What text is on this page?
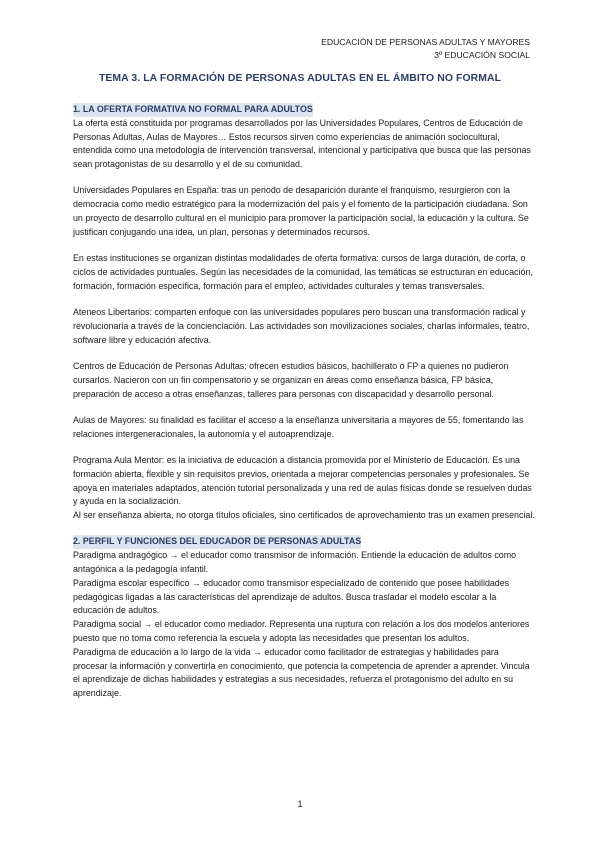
EDUCACIÓN DE PERSONAS ADULTAS Y MAYORES
3º EDUCACIÓN SOCIAL
TEMA 3. LA FORMACIÓN DE PERSONAS ADULTAS EN EL ÁMBITO NO FORMAL
1. LA OFERTA FORMATIVA NO FORMAL PARA ADULTOS

La oferta está constituida por programas desarrollados por las Universidades Populares, Centros de Educación de Personas Adultas, Aulas de Mayores… Estos recursos sirven como experiencias de animación sociocultural, entendida como una metodología de intervención transversal, intencional y participativa que busca que las personas sean protagonistas de su desarrollo y el de su comunidad.

Universidades Populares en España: tras un periodo de desaparición durante el franquismo, resurgieron con la democracia como medio estratégico para la modernización del país y el fomento de la participación ciudadana. Son un proyecto de desarrollo cultural en el municipio para promover la participación social, la educación y la cultura. Se justifican conjugando una idea, un plan, personas y determinados recursos.

En estas instituciones se organizan distintas modalidades de oferta formativa: cursos de larga duración, de corta, o ciclos de actividades puntuales. Según las necesidades de la comunidad, las temáticas se estructuran en educación, formación, formación específica, formación para el empleo, actividades culturales y temas transversales.

Ateneos Libertarios: comparten enfoque con las universidades populares pero buscan una transformación radical y revolucionaria a través de la concienciación. Las actividades son movilizaciones sociales, charlas informales, teatro, software libre y educación afectiva.

Centros de Educación de Personas Adultas: ofrecen estudios básicos, bachillerato o FP a quienes no pudieron cursarlos. Nacieron con un fin compensatorio y se organizan en áreas como enseñanza básica, FP básica, preparación de acceso a otras enseñanzas, talleres para personas con discapacidad y desarrollo personal.

Aulas de Mayores: su finalidad es facilitar el acceso a la enseñanza universitaria a mayores de 55, fomentando las relaciones intergeneracionales, la autonomía y el autoaprendizaje.

Programa Aula Mentor: es la iniciativa de educación a distancia promovida por el Ministerio de Educación. Es una formación abierta, flexible y sin requisitos previos, orientada a mejorar competencias personales y profesionales. Se apoya en materiales adaptados, atención tutorial personalizada y una red de aulas físicas donde se resuelven dudas y ayuda en la socialización.

Al ser enseñanza abierta, no otorga títulos oficiales, sino certificados de aprovechamiento tras un examen presencial.

2. PERFIL Y FUNCIONES DEL EDUCADOR DE PERSONAS ADULTAS

Paradigma andragógico → el educador como transmisor de información. Entiende la educación de adultos como antagónica a la pedagogía infantil.

Paradigma escolar específico → educador como transmisor especializado de contenido que posee habilidades pedagógicas ligadas a las características del aprendizaje de adultos. Busca trasladar el modelo escolar a la educación de adultos.

Paradigma social → el educador como mediador. Representa una ruptura con relación a los dos modelos anteriores puesto que no toma como referencia la escuela y adopta las necesidades que presentan los adultos.

Paradigma de educación a lo largo de la vida → educador como facilitador de estrategias y habilidades para procesar la información y convertirla en conocimiento, que potencia la competencia de aprender a aprender. Vincula el aprendizaje de dichas habilidades y estrategias a sus necesidades, refuerza el protagonismo del adulto en su aprendizaje.

1
